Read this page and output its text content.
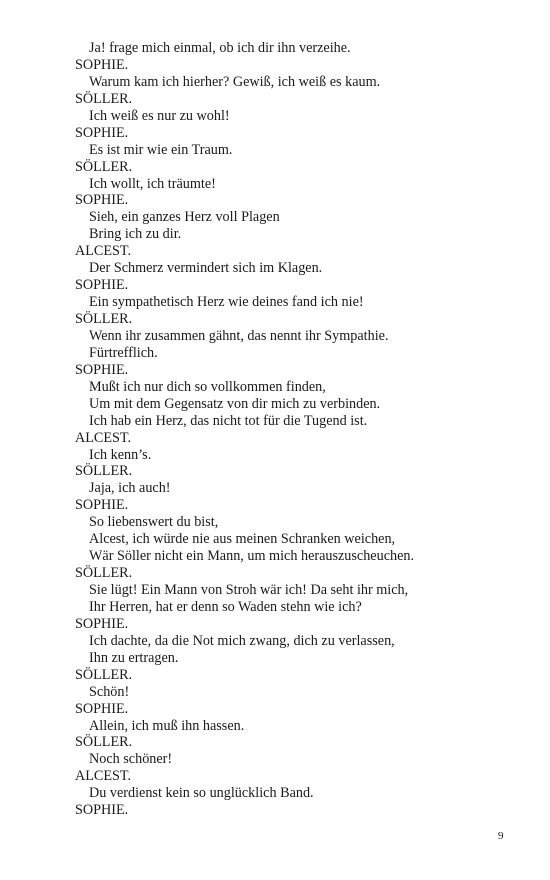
Ja! frage mich einmal, ob ich dir ihn verzeihe.
SOPHIE.
Warum kam ich hierher? Gewiß, ich weiß es kaum.
SÖLLER.
Ich weiß es nur zu wohl!
SOPHIE.
Es ist mir wie ein Traum.
SÖLLER.
Ich wollt, ich träumte!
SOPHIE.
Sieh, ein ganzes Herz voll Plagen
Bring ich zu dir.
ALCEST.
Der Schmerz vermindert sich im Klagen.
SOPHIE.
Ein sympathetisch Herz wie deines fand ich nie!
SÖLLER.
Wenn ihr zusammen gähnt, das nennt ihr Sympathie.
Fürtrefflich.
SOPHIE.
Mußt ich nur dich so vollkommen finden,
Um mit dem Gegensatz von dir mich zu verbinden.
Ich hab ein Herz, das nicht tot für die Tugend ist.
ALCEST.
Ich kenn’s.
SÖLLER.
Jaja, ich auch!
SOPHIE.
So liebenswert du bist,
Alcest, ich würde nie aus meinen Schranken weichen,
Wär Söller nicht ein Mann, um mich herauszuscheuchen.
SÖLLER.
Sie lügt! Ein Mann von Stroh wär ich! Da seht ihr mich,
Ihr Herren, hat er denn so Waden stehn wie ich?
SOPHIE.
Ich dachte, da die Not mich zwang, dich zu verlassen,
Ihn zu ertragen.
SÖLLER.
Schön!
SOPHIE.
Allein, ich muß ihn hassen.
SÖLLER.
Noch schöner!
ALCEST.
Du verdienst kein so unglücklich Band.
SOPHIE.
9
